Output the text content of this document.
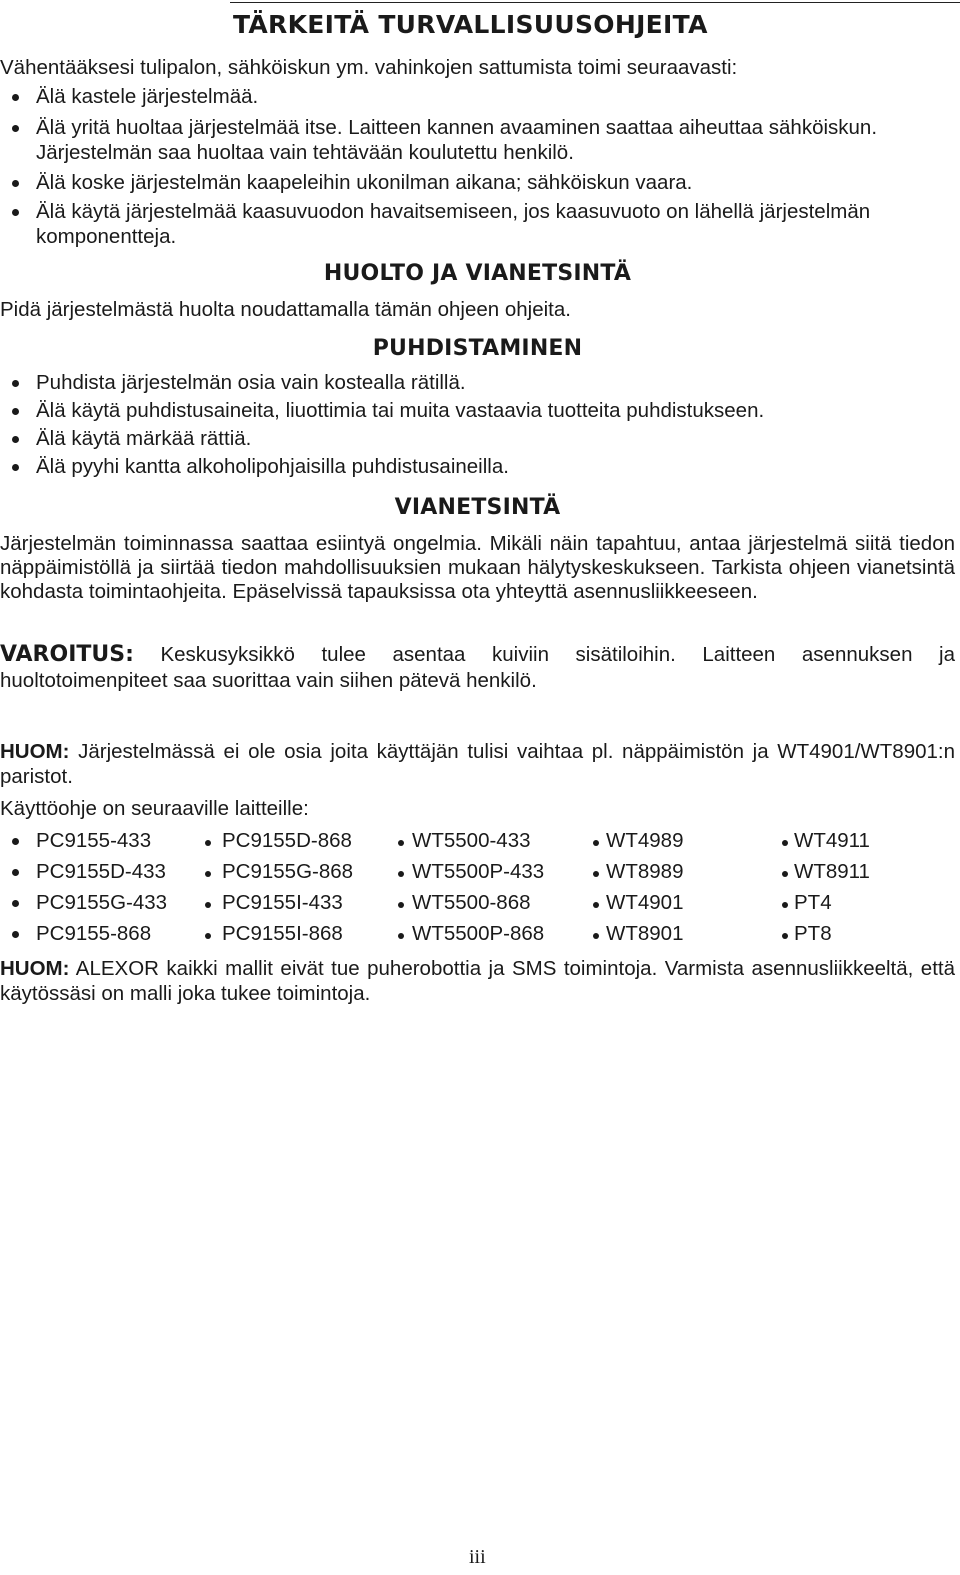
TÄRKEITÄ TURVALLISUUSOHJEITA
Vähentääksesi tulipalon, sähköiskun ym. vahinkojen sattumista toimi seuraavasti:
Älä kastele järjestelmää.
Älä yritä huoltaa järjestelmää itse. Laitteen kannen avaaminen saattaa aiheuttaa sähköiskun.
Järjestelmän saa huoltaa vain tehtävään koulutettu henkilö.
Älä koske järjestelmän kaapeleihin ukonilman aikana; sähköiskun vaara.
Älä käytä järjestelmää kaasuvuodon havaitsemiseen, jos kaasuvuoto on lähellä järjestelmän
komponentteja.
HUOLTO JA VIANETSINTÄ
Pidä järjestelmästä huolta noudattamalla tämän ohjeen ohjeita.
PUHDISTAMINEN
Puhdista järjestelmän osia vain kostealla rätillä.
Älä käytä puhdistusaineita, liuottimia tai muita vastaavia tuotteita puhdistukseen.
Älä käytä märkää rättiä.
Älä pyyhi kantta alkoholipohjaisilla puhdistusaineilla.
VIANETSINTÄ
Järjestelmän toiminnassa saattaa esiintyä ongelmia. Mikäli näin tapahtuu, antaa järjestelmä siitä tiedon näppäimistöllä ja siirtää tiedon mahdollisuuksien mukaan hälytyskeskukseen. Tarkista ohjeen vianetsintä kohdasta toimintaohjeita. Epäselvissä tapauksissa ota yhteyttä asennusliikkeeseen.
VAROITUS: Keskusyksikkö tulee asentaa kuiviin sisätiloihin. Laitteen asennuksen ja huoltotoimenpiteet saa suorittaa vain siihen pätevä henkilö.
HUOM: Järjestelmässä ei ole osia joita käyttäjän tulisi vaihtaa pl. näppäimistön ja WT4901/WT8901:n paristot.
Käyttöohje on seuraaville laitteille:
PC9155-433
PC9155D-433
PC9155G-433
PC9155-868
PC9155D-868
PC9155G-868
PC9155I-433
PC9155I-868
WT5500-433
WT5500P-433
WT5500-868
WT5500P-868
WT4989
WT8989
WT4901
WT8901
WT4911
WT8911
PT4
PT8
HUOM: ALEXOR kaikki mallit eivät tue puherobottia ja SMS toimintoja. Varmista asennusliikkeeltä, että käytössäsi on malli joka tukee toimintoja.
iii
